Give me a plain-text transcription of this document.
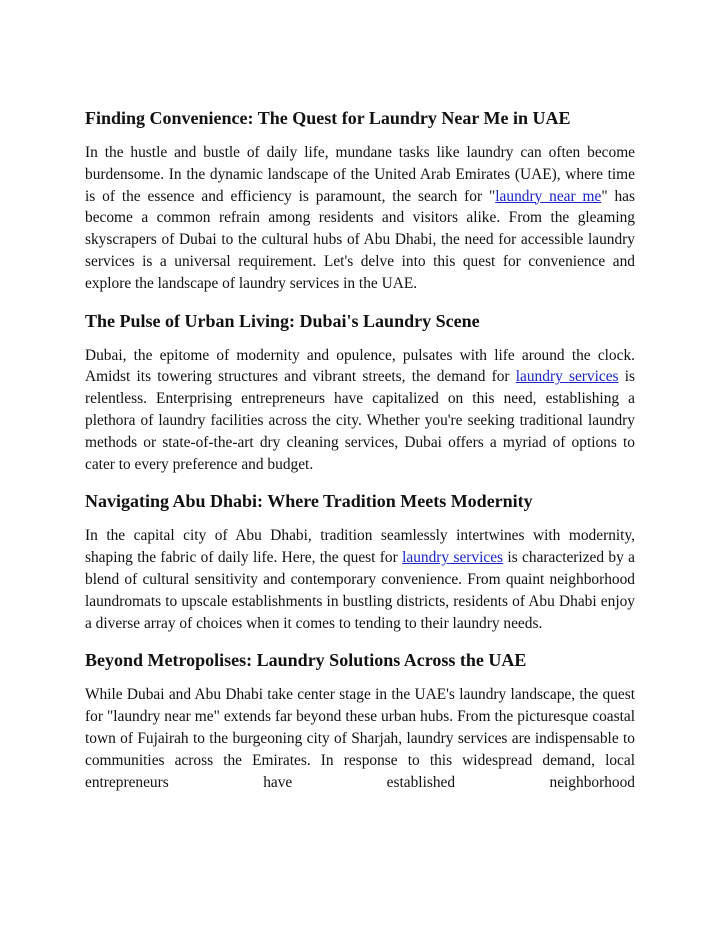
Finding Convenience: The Quest for Laundry Near Me in UAE

In the hustle and bustle of daily life, mundane tasks like laundry can often become burdensome. In the dynamic landscape of the United Arab Emirates (UAE), where time is of the essence and efficiency is paramount, the search for "laundry near me" has become a common refrain among residents and visitors alike. From the gleaming skyscrapers of Dubai to the cultural hubs of Abu Dhabi, the need for accessible laundry services is a universal requirement. Let's delve into this quest for convenience and explore the landscape of laundry services in the UAE.

The Pulse of Urban Living: Dubai's Laundry Scene

Dubai, the epitome of modernity and opulence, pulsates with life around the clock. Amidst its towering structures and vibrant streets, the demand for laundry services is relentless. Enterprising entrepreneurs have capitalized on this need, establishing a plethora of laundry facilities across the city. Whether you're seeking traditional laundry methods or state-of-the-art dry cleaning services, Dubai offers a myriad of options to cater to every preference and budget.

Navigating Abu Dhabi: Where Tradition Meets Modernity

In the capital city of Abu Dhabi, tradition seamlessly intertwines with modernity, shaping the fabric of daily life. Here, the quest for laundry services is characterized by a blend of cultural sensitivity and contemporary convenience. From quaint neighborhood laundromats to upscale establishments in bustling districts, residents of Abu Dhabi enjoy a diverse array of choices when it comes to tending to their laundry needs.

Beyond Metropolises: Laundry Solutions Across the UAE

While Dubai and Abu Dhabi take center stage in the UAE's laundry landscape, the quest for "laundry near me" extends far beyond these urban hubs. From the picturesque coastal town of Fujairah to the burgeoning city of Sharjah, laundry services are indispensable to communities across the Emirates. In response to this widespread demand, local entrepreneurs have established neighborhood
